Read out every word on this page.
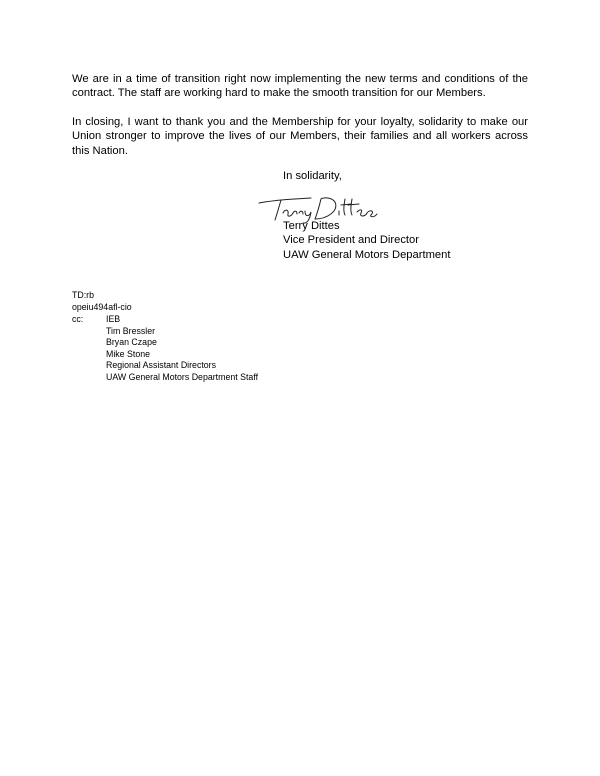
We are in a time of transition right now implementing the new terms and conditions of the contract. The staff are working hard to make the smooth transition for our Members.

In closing, I want to thank you and the Membership for your loyalty, solidarity to make our Union stronger to improve the lives of our Members, their families and all workers across this Nation.

In solidarity,
Terry Dittes
Vice President and Director
UAW General Motors Department
TD:rb
opeiu494afl-cio
cc:	IEB
Tim Bressler
Bryan Czape
Mike Stone
Regional Assistant Directors
UAW General Motors Department Staff
